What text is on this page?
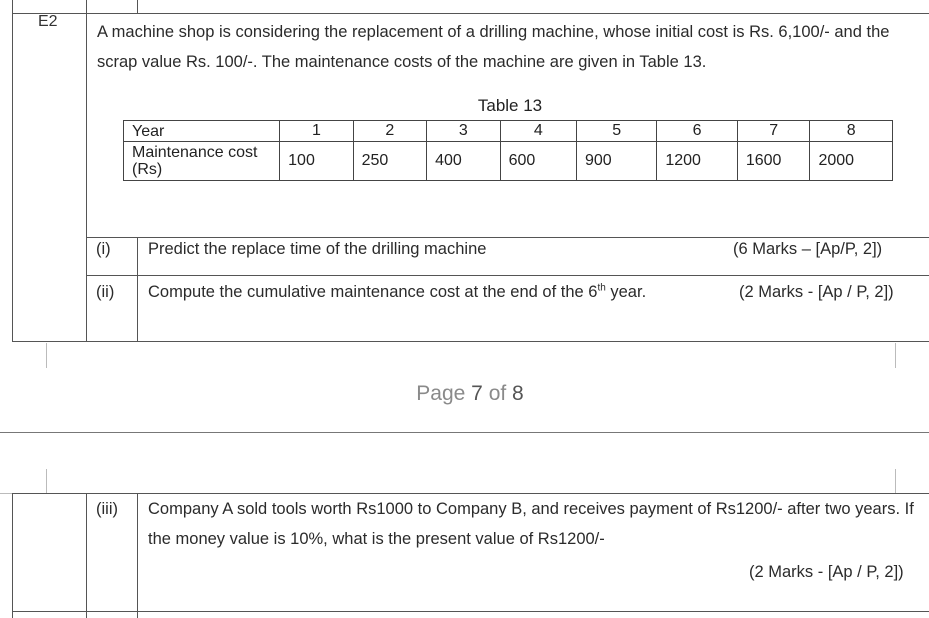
E2
A machine shop is considering the replacement of a drilling machine, whose initial cost is Rs. 6,100/- and the scrap value Rs. 100/-. The maintenance costs of the machine are given in Table 13.
Table 13
Year	1	2	3	4	5	6	7	8
Maintenance cost (Rs)	100	250	400	600	900	1200	1600	2000
(i) Predict the replace time of the drilling machine	(6 Marks – [Ap/P, 2])
(ii) Compute the cumulative maintenance cost at the end of the 6th year.	(2 Marks - [Ap / P, 2])
Page 7 of 8
(iii) Company A sold tools worth Rs1000 to Company B, and receives payment of Rs1200/- after two years. If the money value is 10%, what is the present value of Rs1200/-
(2 Marks - [Ap / P, 2])
